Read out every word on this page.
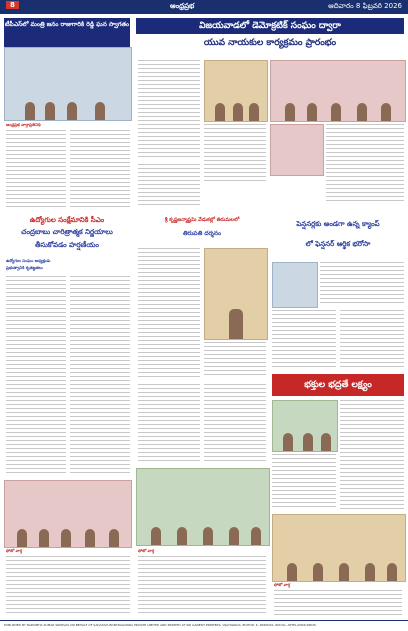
8	ఆంధ్రప్రభ	ఆదివారం 8 ఫిబ్రవరి 2026
టీపీఎస్‌లో మంత్రి జనం రాజుగారికి రెడ్డి ఘన స్వాగతం
ఆంధ్రప్రభ వార్తాప్రతినిధి
విజయవాడలో డెమోక్రటిక్ సంఘం ద్వారా
యువ నాయకుల కార్యక్రమం ప్రారంభం
ఉద్యోగుల సంక్షేమానికి సీఎం
చంద్రబాబు చారిత్రాత్మక నిర్ణయాలు
తీసుకోవడం హర్షణీయం
ఉద్యోగుల సంఘం అధ్యక్షుడు
ప్రభుత్వానికి కృతజ్ఞతలు
శ్రీ కృష్ణజన్మాష్టమి వేడుకల్లో తిరుమలలో
తిరుపతి దర్శనం
పెన్షనర్లకు అండగా ఉన్న క్యాంప్
లో ఫెన్షనర్ ఆర్థిక భరోసా
భక్తుల భద్రతే లక్ష్యం
ఫోటో వార్త	ఫోటో వార్త
ఫోటో వార్త
PUBLISHED BY NARSIMHA KUMAR SRINIVAS ON BEHALF OF SADASIVA BONTRAGONDA PRIVATE LIMITED AND PRINTED AT SRI GANESH PRINTERS, VIJAYAWADA. EDITOR: K. SRINIVAS. RNI No. APTEL/2006/18645.
